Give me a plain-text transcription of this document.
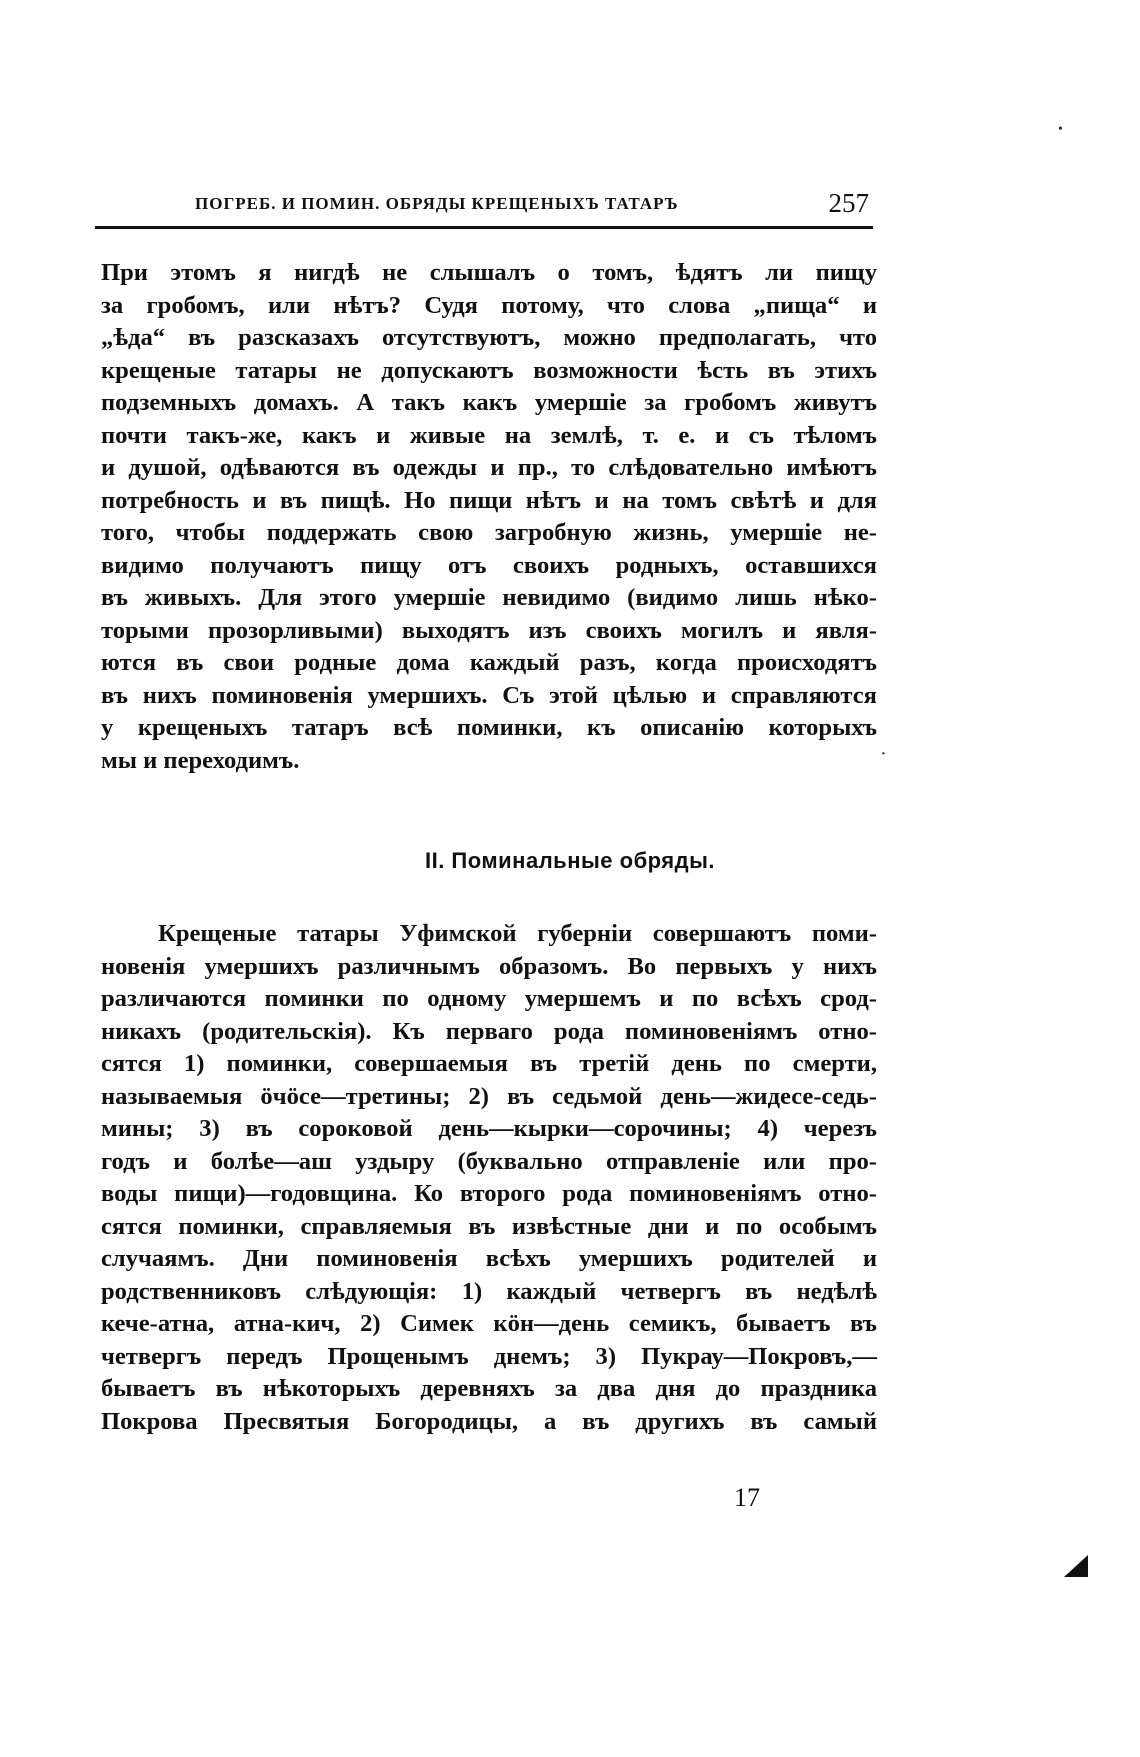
•
ПОГРЕБ. И ПОМИН. ОБРЯДЫ КРЕЩЕНЫХЪ ТАТАРЪ	257
При этомъ я нигдѣ не слышалъ о томъ, ѣдятъ ли пищу
за гробомъ, или нѣтъ? Судя потому, что слова „пища“ и
„ѣда“ въ разсказахъ отсутствуютъ, можно предполагать, что
крещеные татары не допускаютъ возможности ѣсть въ этихъ
подземныхъ домахъ. А такъ какъ умершіе за гробомъ живутъ
почти такъ-же, какъ и живые на землѣ, т. е. и съ тѣломъ
и душой, одѣваются въ одежды и пр., то слѣдовательно имѣютъ
потребность и въ пищѣ. Но пищи нѣтъ и на томъ свѣтѣ и для
того, чтобы поддержать свою загробную жизнь, умершіе не-
видимо получаютъ пищу отъ своихъ родныхъ, оставшихся
въ живыхъ. Для этого умершіе невидимо (видимо лишь нѣко-
торыми прозорливыми) выходятъ изъ своихъ могилъ и явля-
ются въ свои родные дома каждый разъ, когда происходятъ
въ нихъ поминовенія умершихъ. Съ этой цѣлью и справляются
у крещеныхъ татаръ всѣ поминки, къ описанію которыхъ
мы и переходимъ.	·
II. Поминальные обряды.
Крещеные татары Уфимской губерніи совершаютъ поми-
новенія умершихъ различнымъ образомъ. Во первыхъ у нихъ
различаются поминки по одному умершемъ и по всѣхъ срод-
никахъ (родительскія). Къ перваго рода поминовеніямъ отно-
сятся 1) поминки, совершаемыя въ третій день по смерти,
называемыя ӧчӧсе—третины; 2) въ седьмой день—жидесе-седь-
мины; 3) въ сороковой день—кырки—сорочины; 4) черезъ
годъ и болѣе—аш уздыру (буквально отправленіе или про-
воды пищи)—годовщина. Ко второго рода поминовеніямъ отно-
сятся поминки, справляемыя въ извѣстные дни и по особымъ
случаямъ. Дни поминовенія всѣхъ умершихъ родителей и
родственниковъ слѣдующія: 1) каждый четвергъ въ недѣлѣ
кече-атна, атна-кич, 2) Симек кӧн—день семикъ, бываетъ въ
четвергъ передъ Прощенымъ днемъ; 3) Пукрау—Покровъ,—
бываетъ въ нѣкоторыхъ деревняхъ за два дня до праздника
Покрова Пресвятыя Богородицы, а въ другихъ въ самый
17
